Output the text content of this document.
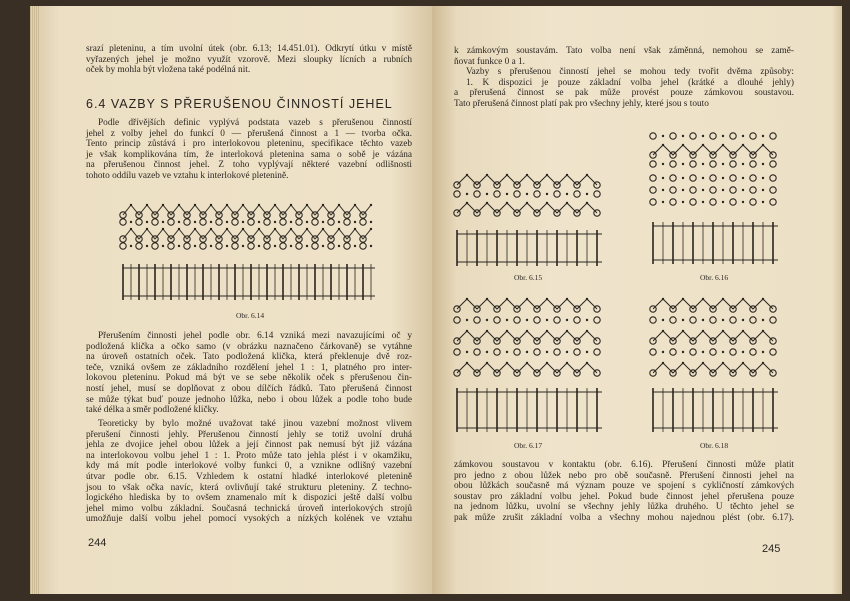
srazí pleteninu, a tím uvolní útek (obr. 6.13; 14.451.01). Odkrytí útku v místě
vyřazených jehel je možno využít vzorově. Mezi sloupky lícních a rubních
oček by mohla být vložena také podélná nit.
6.4 VAZBY S PŘERUŠENOU ČINNOSTÍ JEHEL
Podle dřívějších definic vyplývá podstata vazeb s přerušenou činností
jehel z volby jehel do funkcí 0 — přerušená činnost a 1 — tvorba očka.
Tento princip zůstává i pro interlokovou pleteninu, specifikace těchto vazeb
je však komplikována tím, že interloková pletenina sama o sobě je vázána
na přerušenou činnost jehel. Z toho vyplývají některé vazební odlišnosti
tohoto oddílu vazeb ve vztahu k interlokové pletenině.
Obr. 6.14
Přerušením činnosti jehel podle obr. 6.14 vzniká mezi navazujícími oč y
podložená klička a očko samo (v obrázku naznačeno čárkovaně) se vytáhne
na úroveň ostatních oček. Tato podložená klička, která překlenuje dvě roz-
teče, vzniká ovšem ze základního rozdělení jehel 1 : 1, platného pro inter-
lokovou pleteninu. Pokud má být ve se sebe několik oček s přerušenou čin-
ností jehel, musí se doplňovat z obou dílčích řádků. Tato přerušená činnost
se může týkat buď pouze jednoho lůžka, nebo i obou lůžek a podle toho bude
také délka a směr podložené kličky.
Teoreticky by bylo možné uvažovat také jinou vazební možnost vlivem
přerušení činnosti jehly. Přerušenou činností jehly se totiž uvolní druhá
jehla ze dvojice jehel obou lůžek a její činnost pak nemusí být již vázána
na interlokovou volbu jehel 1 : 1. Proto může tato jehla plést i v okamžiku,
kdy má mít podle interlokové volby funkci 0, a vznikne odlišný vazební
útvar podle obr. 6.15. Vzhledem k ostatní hladké interlokové pletenině
jsou to však očka navíc, která ovlivňují také strukturu pleteniny. Z techno-
logického hlediska by to ovšem znamenalo mít k dispozici ještě další volbu
jehel mimo volbu základní. Současná technická úroveň interlokových strojů
umožňuje další volbu jehel pomocí vysokých a nízkých kolének ve vztahu
244
k zámkovým soustavám. Tato volba není však záměnná, nemohou se zamě-
ňovat funkce 0 a 1.
Vazby s přerušenou činností jehel se mohou tedy tvořit dvěma způsoby:
1. K dispozici je pouze základní volba jehel (krátké a dlouhé jehly)
a přerušená činnost se pak může provést pouze zámkovou soustavou.
Tato přerušená činnost platí pak pro všechny jehly, které jsou s touto
Obr. 6.15	Obr. 6.16
Obr. 6.17	Obr. 6.18
zámkovou soustavou v kontaktu (obr. 6.16). Přerušení činnosti může platit
pro jedno z obou lůžek nebo pro obě současně. Přerušení činnosti jehel na
obou lůžkách současně má význam pouze ve spojení s cykličností zámkových
soustav pro základní volbu jehel. Pokud bude činnost jehel přerušena pouze
na jednom lůžku, uvolní se všechny jehly lůžka druhého. U těchto jehel se
pak může zrušit základní volba a všechny mohou najednou plést (obr. 6.17).
245
